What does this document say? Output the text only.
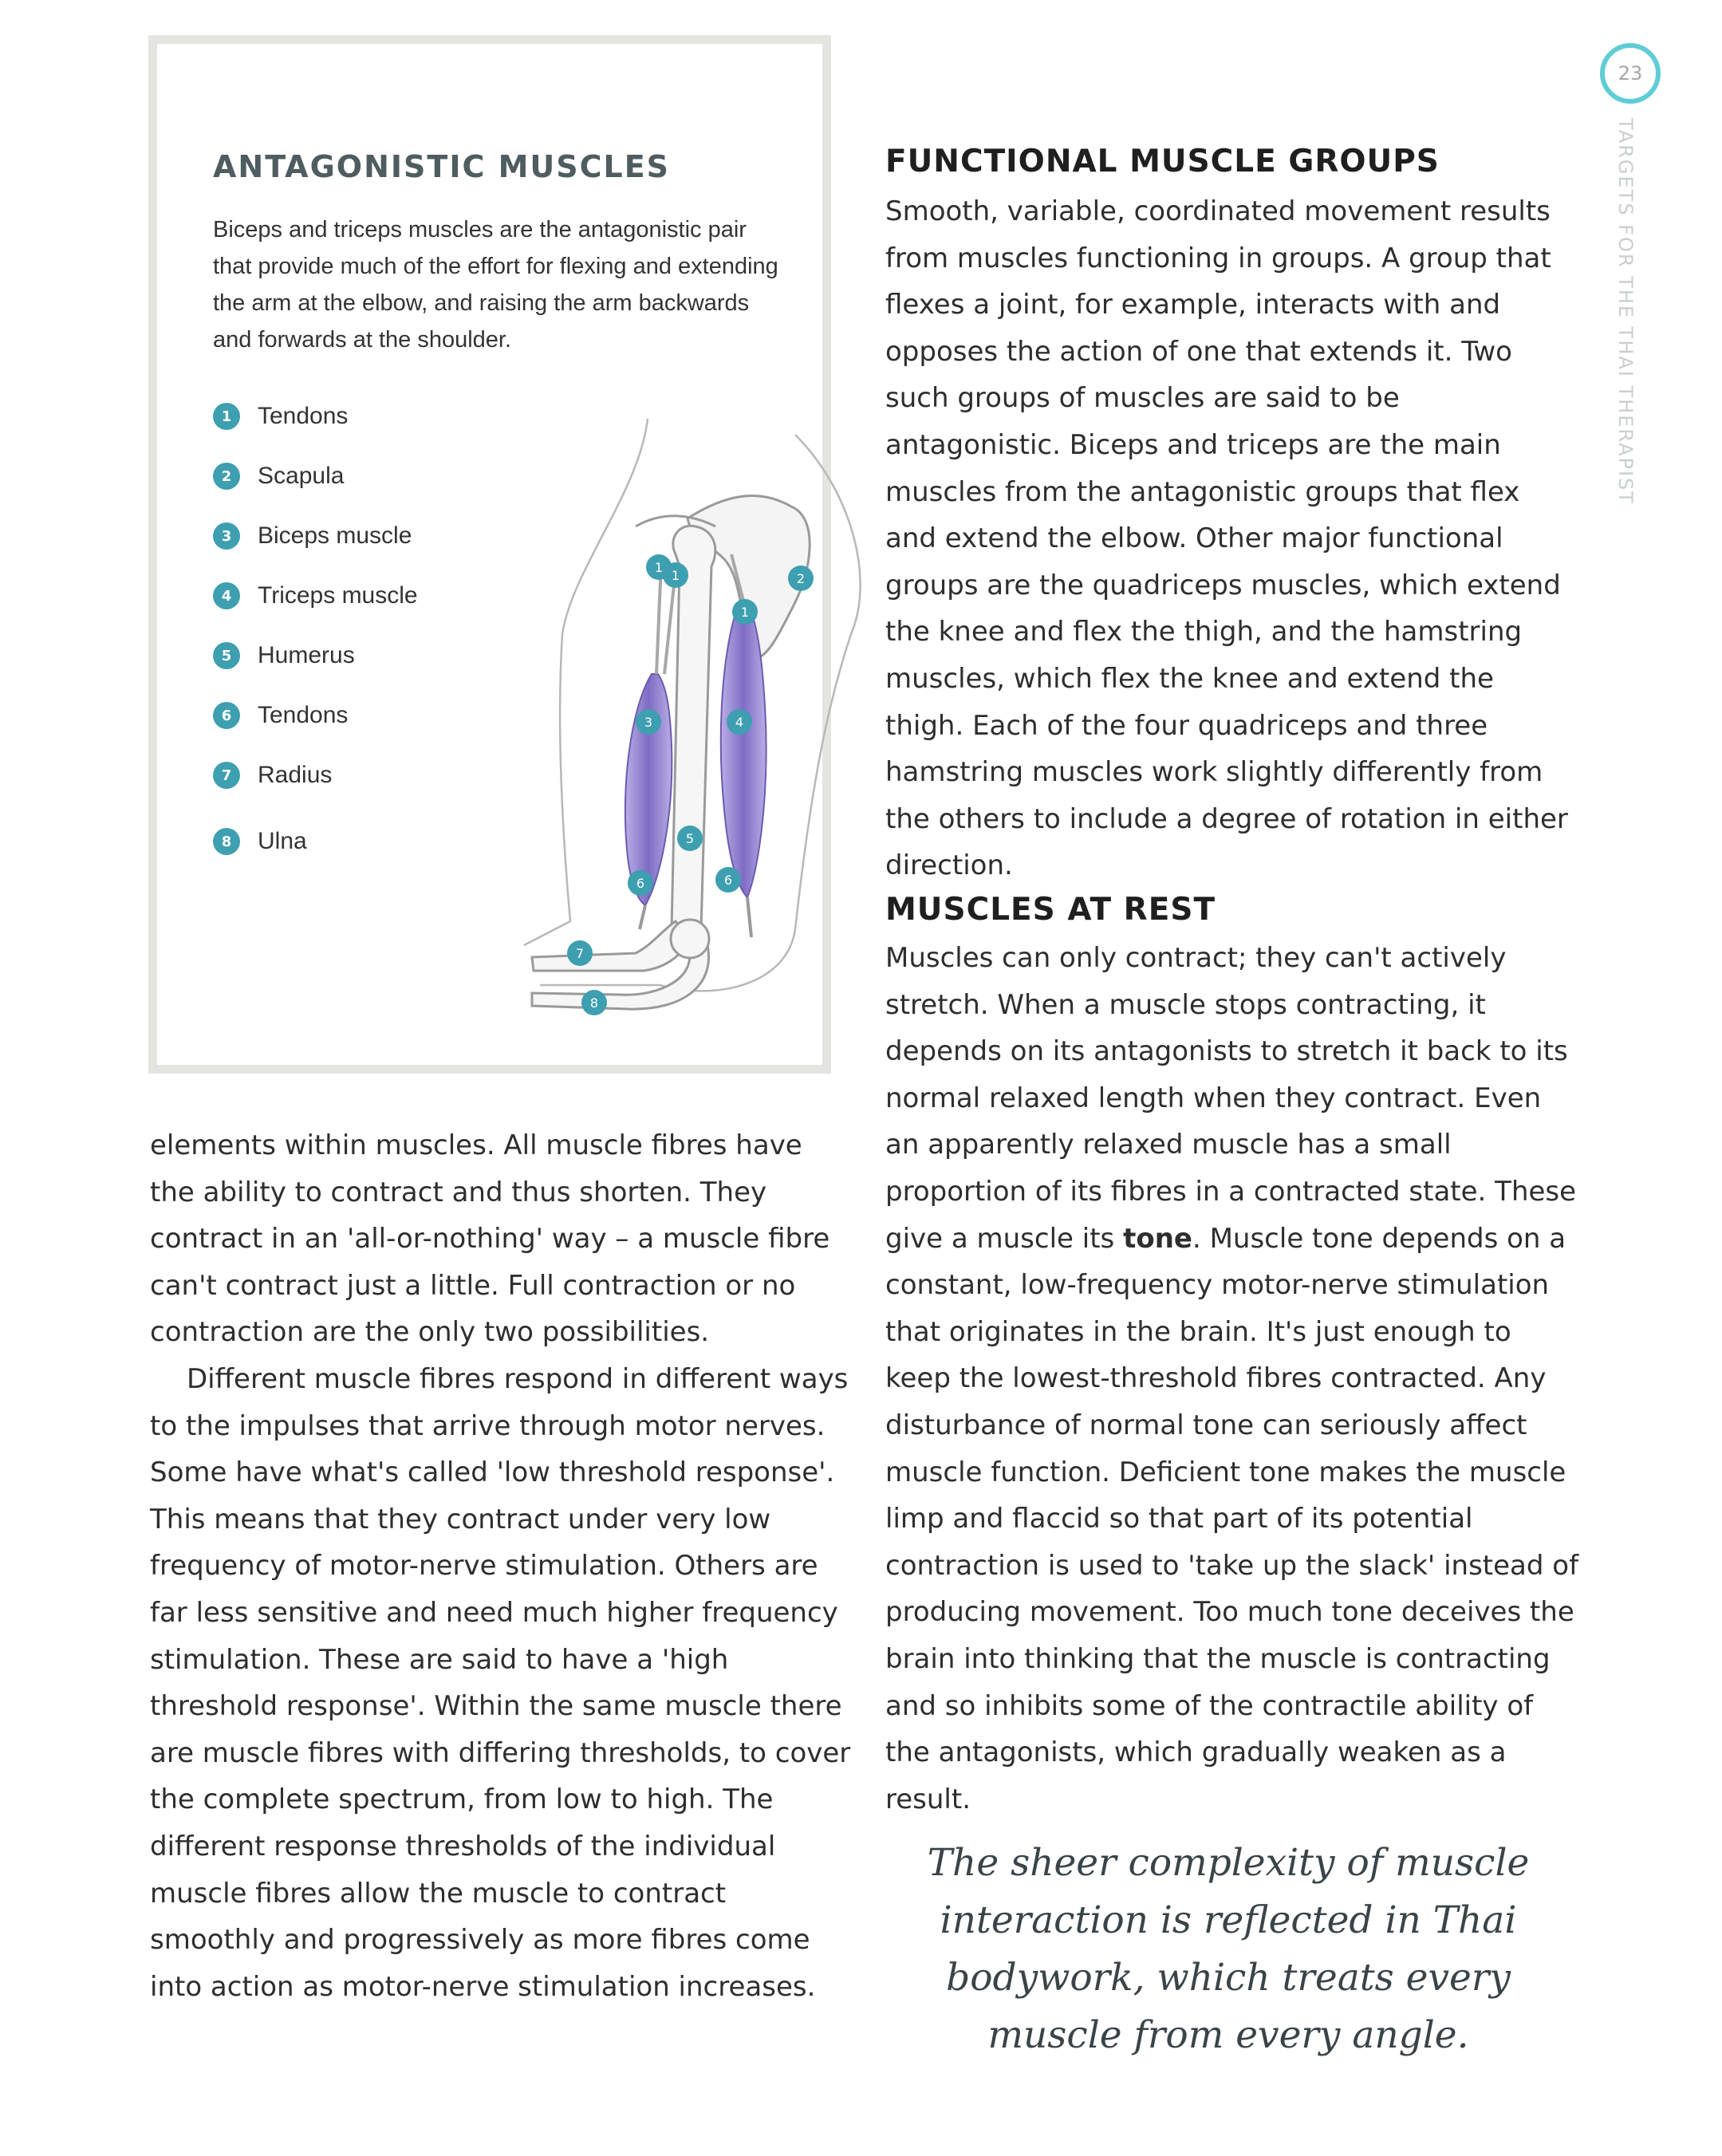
23
TARGETS FOR THE THAI THERAPIST
ANTAGONISTIC MUSCLES

Biceps and triceps muscles are the antagonistic pair that provide much of the effort for flexing and extending the arm at the elbow, and raising the arm backwards and forwards at the shoulder.

1	Tendons
2	Scapula
3	Biceps muscle
4	Triceps muscle
5	Humerus
6	Tendons
7	Radius
8	Ulna
1
1
1
2
3	4
5
6	6
7
8

elements within muscles. All muscle fibres have the ability to contract and thus shorten. They contract in an 'all-or-nothing' way – a muscle fibre can't contract just a little. Full contraction or no contraction are the only two possibilities.

Different muscle fibres respond in different ways to the impulses that arrive through motor nerves. Some have what's called 'low threshold response'. This means that they contract under very low frequency of motor-nerve stimulation. Others are far less sensitive and need much higher frequency stimulation. These are said to have a 'high threshold response'. Within the same muscle there are muscle fibres with differing thresholds, to cover the complete spectrum, from low to high. The different response thresholds of the individual muscle fibres allow the muscle to contract smoothly and progressively as more fibres come into action as motor-nerve stimulation increases.

FUNCTIONAL MUSCLE GROUPS

Smooth, variable, coordinated movement results from muscles functioning in groups. A group that flexes a joint, for example, interacts with and opposes the action of one that extends it. Two such groups of muscles are said to be antagonistic. Biceps and triceps are the main muscles from the antagonistic groups that flex and extend the elbow. Other major functional groups are the quadriceps muscles, which extend the knee and flex the thigh, and the hamstring muscles, which flex the knee and extend the thigh. Each of the four quadriceps and three hamstring muscles work slightly differently from the others to include a degree of rotation in either direction.

MUSCLES AT REST

Muscles can only contract; they can't actively stretch. When a muscle stops contracting, it depends on its antagonists to stretch it back to its normal relaxed length when they contract. Even an apparently relaxed muscle has a small proportion of its fibres in a contracted state. These give a muscle its tone. Muscle tone depends on a constant, low-frequency motor-nerve stimulation that originates in the brain. It's just enough to keep the lowest-threshold fibres contracted. Any disturbance of normal tone can seriously affect muscle function. Deficient tone makes the muscle limp and flaccid so that part of its potential contraction is used to 'take up the slack' instead of producing movement. Too much tone deceives the brain into thinking that the muscle is contracting and so inhibits some of the contractile ability of the antagonists, which gradually weaken as a result.

The sheer complexity of muscle interaction is reflected in Thai bodywork, which treats every muscle from every angle.
